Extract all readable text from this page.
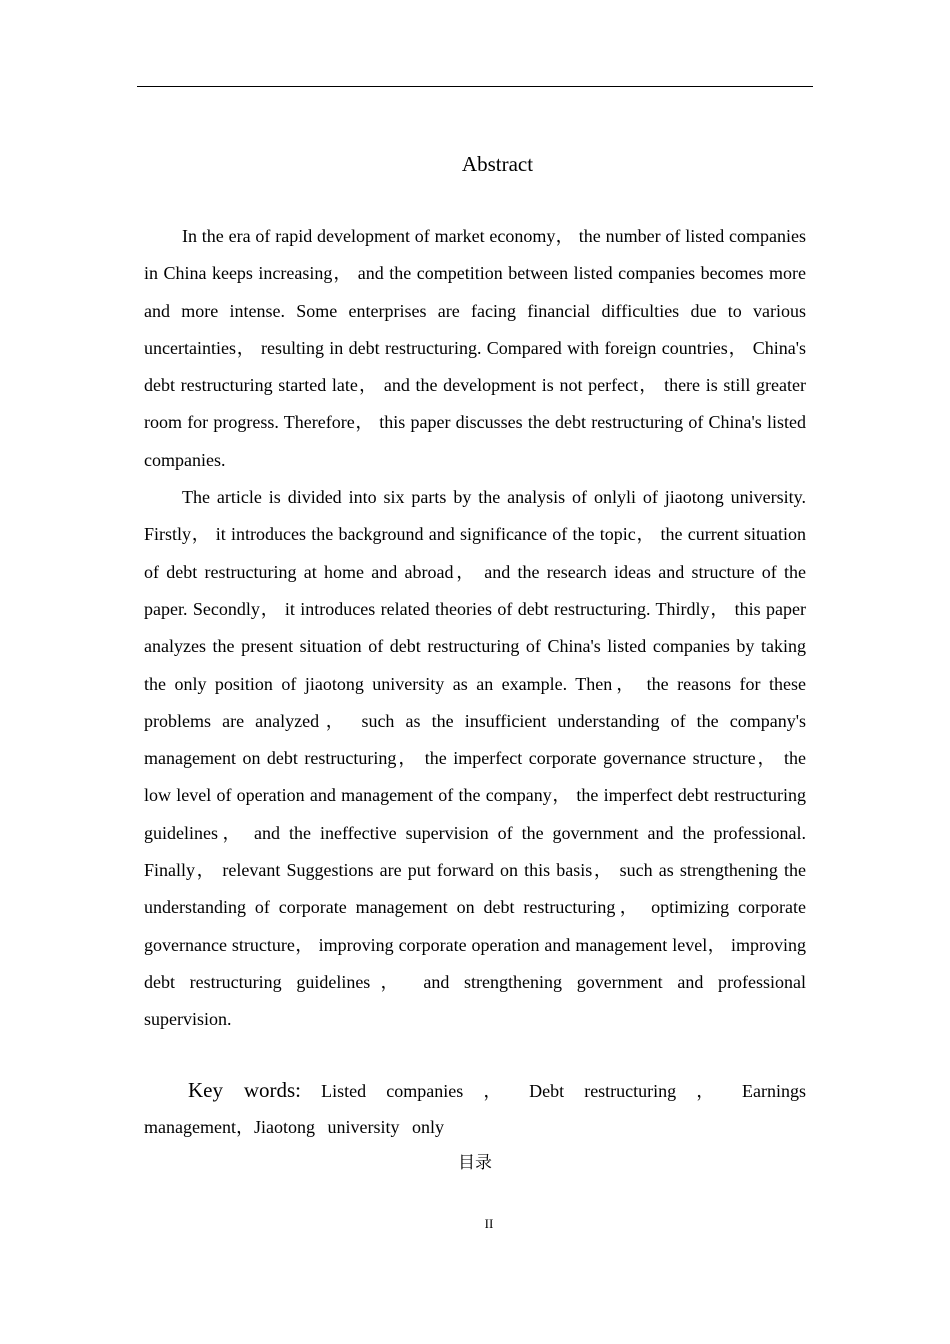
Abstract

In the era of rapid development of market economy， the number of listed companies in China keeps increasing， and the competition between listed companies becomes more and more intense. Some enterprises are facing financial difficulties due to various uncertainties， resulting in debt restructuring. Compared with foreign countries， China's debt restructuring started late， and the development is not perfect， there is still greater room for progress. Therefore， this paper discusses the debt restructuring of China's listed companies.

The article is divided into six parts by the analysis of onlyli of jiaotong university. Firstly， it introduces the background and significance of the topic， the current situation of debt restructuring at home and abroad， and the research ideas and structure of the paper. Secondly， it introduces related theories of debt restructuring. Thirdly， this paper analyzes the present situation of debt restructuring of China's listed companies by taking the only position of jiaotong university as an example. Then， the reasons for these problems are analyzed， such as the insufficient understanding of the company's management on debt restructuring， the imperfect corporate governance structure， the low level of operation and management of the company， the imperfect debt restructuring guidelines， and the ineffective supervision of the government and the professional. Finally， relevant Suggestions are put forward on this basis， such as strengthening the understanding of corporate management on debt restructuring， optimizing corporate governance structure， improving corporate operation and management level， improving debt restructuring guidelines， and strengthening government and professional supervision.

Key words: Listed companies ， Debt restructuring ， Earnings management，Jiaotong university only

目录
II
